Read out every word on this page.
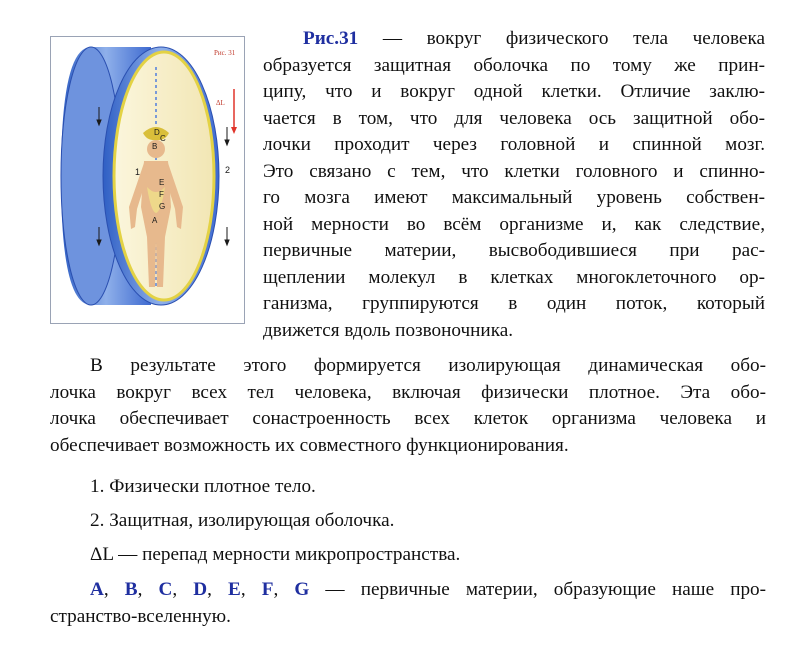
D
C
B
E
F
G
A
1	2
ΔL
Рис. 31
Рис.31 — вокруг физического тела человека
образуется защитная оболочка по тому же прин-
ципу, что и вокруг одной клетки. Отличие заклю-
чается в том, что для человека ось защитной обо-
лочки проходит через головной и спинной мозг.
Это связано с тем, что клетки головного и спинно-
го мозга имеют максимальный уровень собствен-
ной мерности во всём организме и, как следствие,
первичные материи, высвободившиеся при рас-
щеплении молекул в клетках многоклеточного ор-
ганизма, группируются в один поток, который
движется вдоль позвоночника.
В результате этого формируется изолирующая динамическая обо-
лочка вокруг всех тел человека, включая физически плотное. Эта обо-
лочка обеспечивает сонастроенность всех клеток организма человека и
обеспечивает возможность их совместного функционирования.
1. Физически плотное тело.
2. Защитная, изолирующая оболочка.
ΔL — перепад мерности микропространства.
A, B, C, D, E, F, G — первичные материи, образующие наше про-
странство-вселенную.
